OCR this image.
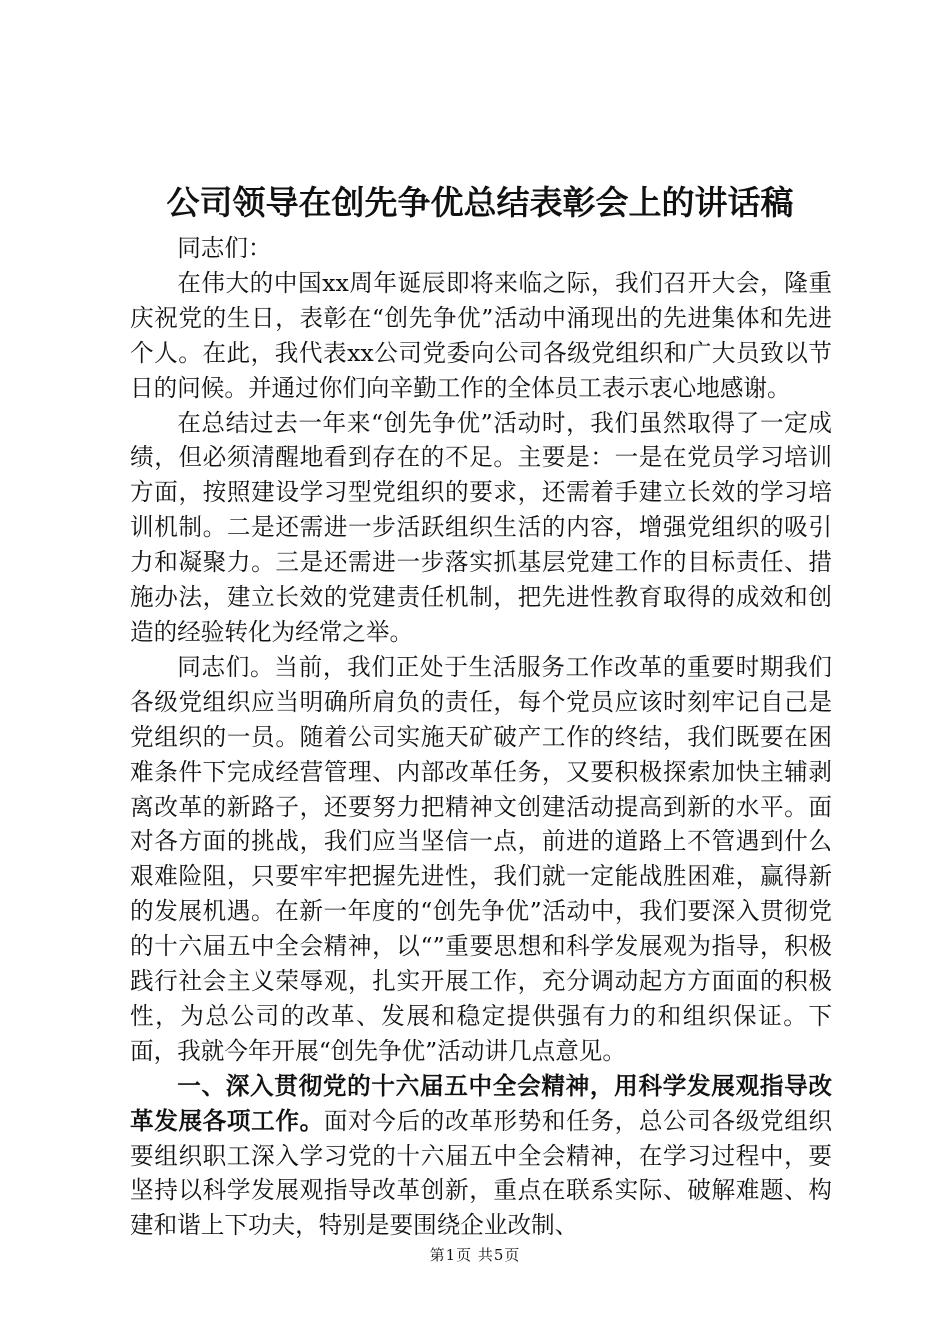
公司领导在创先争优总结表彰会上的讲话稿

同志们：

在伟大的中国xx周年诞辰即将来临之际，我们召开大会，隆重庆祝党的生日，表彰在“创先争优”活动中涌现出的先进集体和先进个人。在此，我代表xx公司党委向公司各级党组织和广大员致以节日的问候。并通过你们向辛勤工作的全体员工表示衷心地感谢。

在总结过去一年来“创先争优”活动时，我们虽然取得了一定成绩，但必须清醒地看到存在的不足。主要是：一是在党员学习培训方面，按照建设学习型党组织的要求，还需着手建立长效的学习培训机制。二是还需进一步活跃组织生活的内容，增强党组织的吸引力和凝聚力。三是还需进一步落实抓基层党建工作的目标责任、措施办法，建立长效的党建责任机制，把先进性教育取得的成效和创造的经验转化为经常之举。

同志们。当前，我们正处于生活服务工作改革的重要时期我们各级党组织应当明确所肩负的责任，每个党员应该时刻牢记自己是党组织的一员。随着公司实施天矿破产工作的终结，我们既要在困难条件下完成经营管理、内部改革任务，又要积极探索加快主辅剥离改革的新路子，还要努力把精神文创建活动提高到新的水平。面对各方面的挑战，我们应当坚信一点，前进的道路上不管遇到什么艰难险阻，只要牢牢把握先进性，我们就一定能战胜困难，赢得新的发展机遇。在新一年度的“创先争优”活动中，我们要深入贯彻党的十六届五中全会精神，以“”重要思想和科学发展观为指导，积极践行社会主义荣辱观，扎实开展工作，充分调动起方方面面的积极性，为总公司的改革、发展和稳定提供强有力的和组织保证。下面，我就今年开展“创先争优”活动讲几点意见。

一、深入贯彻党的十六届五中全会精神，用科学发展观指导改革发展各项工作。面对今后的改革形势和任务，总公司各级党组织要组织职工深入学习党的十六届五中全会精神，在学习过程中，要坚持以科学发展观指导改革创新，重点在联系实际、破解难题、构建和谐上下功夫，特别是要围绕企业改制、

第1页 共5页
